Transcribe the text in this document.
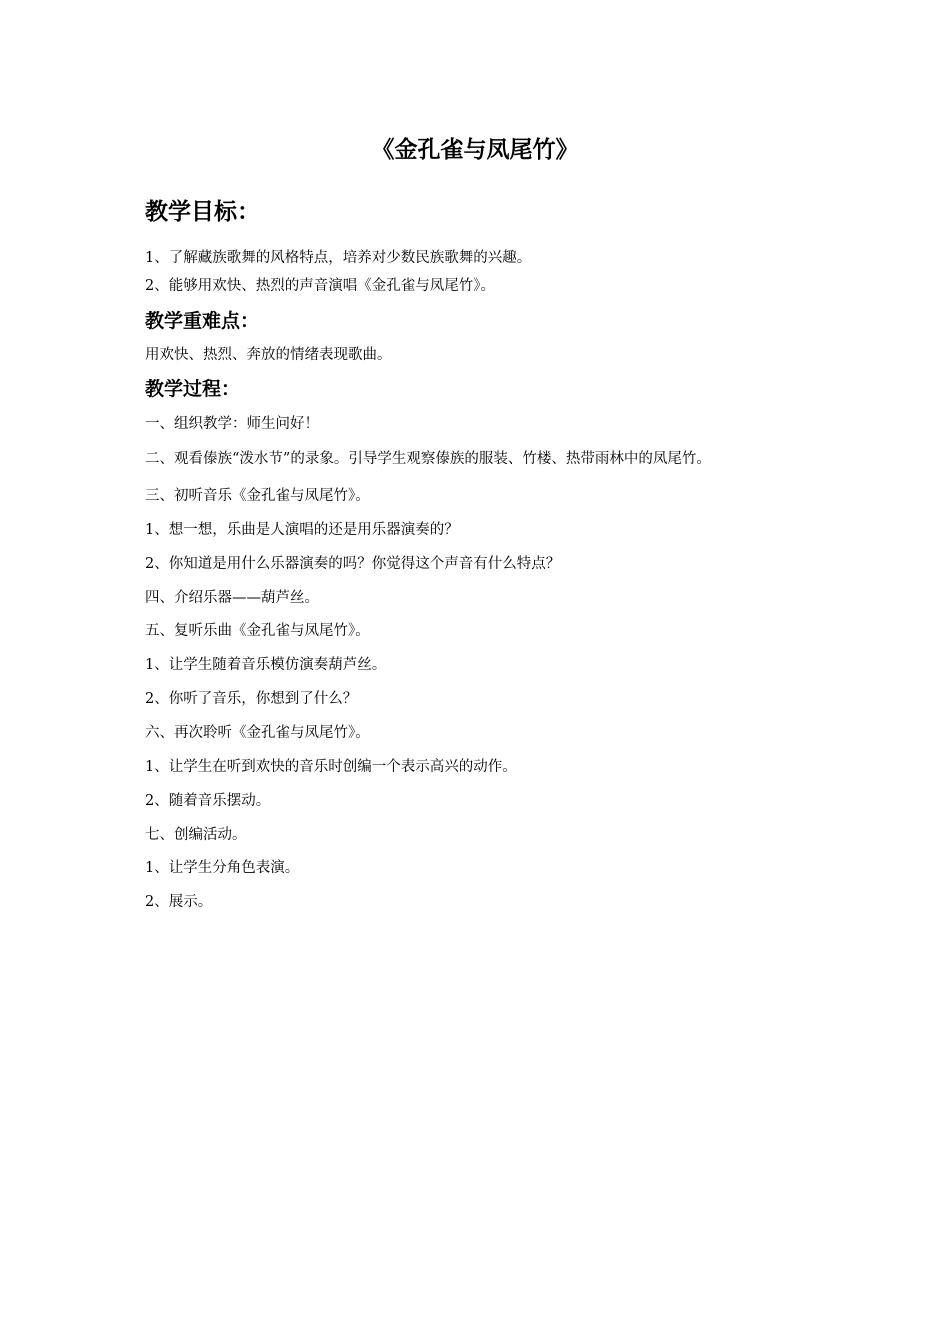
《金孔雀与凤尾竹》
教学目标：

1、了解藏族歌舞的风格特点，培养对少数民族歌舞的兴趣。

2、能够用欢快、热烈的声音演唱《金孔雀与凤尾竹》。

教学重难点：

用欢快、热烈、奔放的情绪表现歌曲。

教学过程：

一、组织教学：师生问好！

二、观看傣族“泼水节”的录象。引导学生观察傣族的服装、竹楼、热带雨林中的凤尾竹。

三、初听音乐《金孔雀与凤尾竹》。

1、想一想，乐曲是人演唱的还是用乐器演奏的？

2、你知道是用什么乐器演奏的吗？你觉得这个声音有什么特点？

四、介绍乐器——葫芦丝。

五、复听乐曲《金孔雀与凤尾竹》。

1、让学生随着音乐模仿演奏葫芦丝。

2、你听了音乐，你想到了什么？

六、再次聆听《金孔雀与凤尾竹》。

1、让学生在听到欢快的音乐时创编一个表示高兴的动作。

2、随着音乐摆动。

七、创编活动。

1、让学生分角色表演。

2、展示。
